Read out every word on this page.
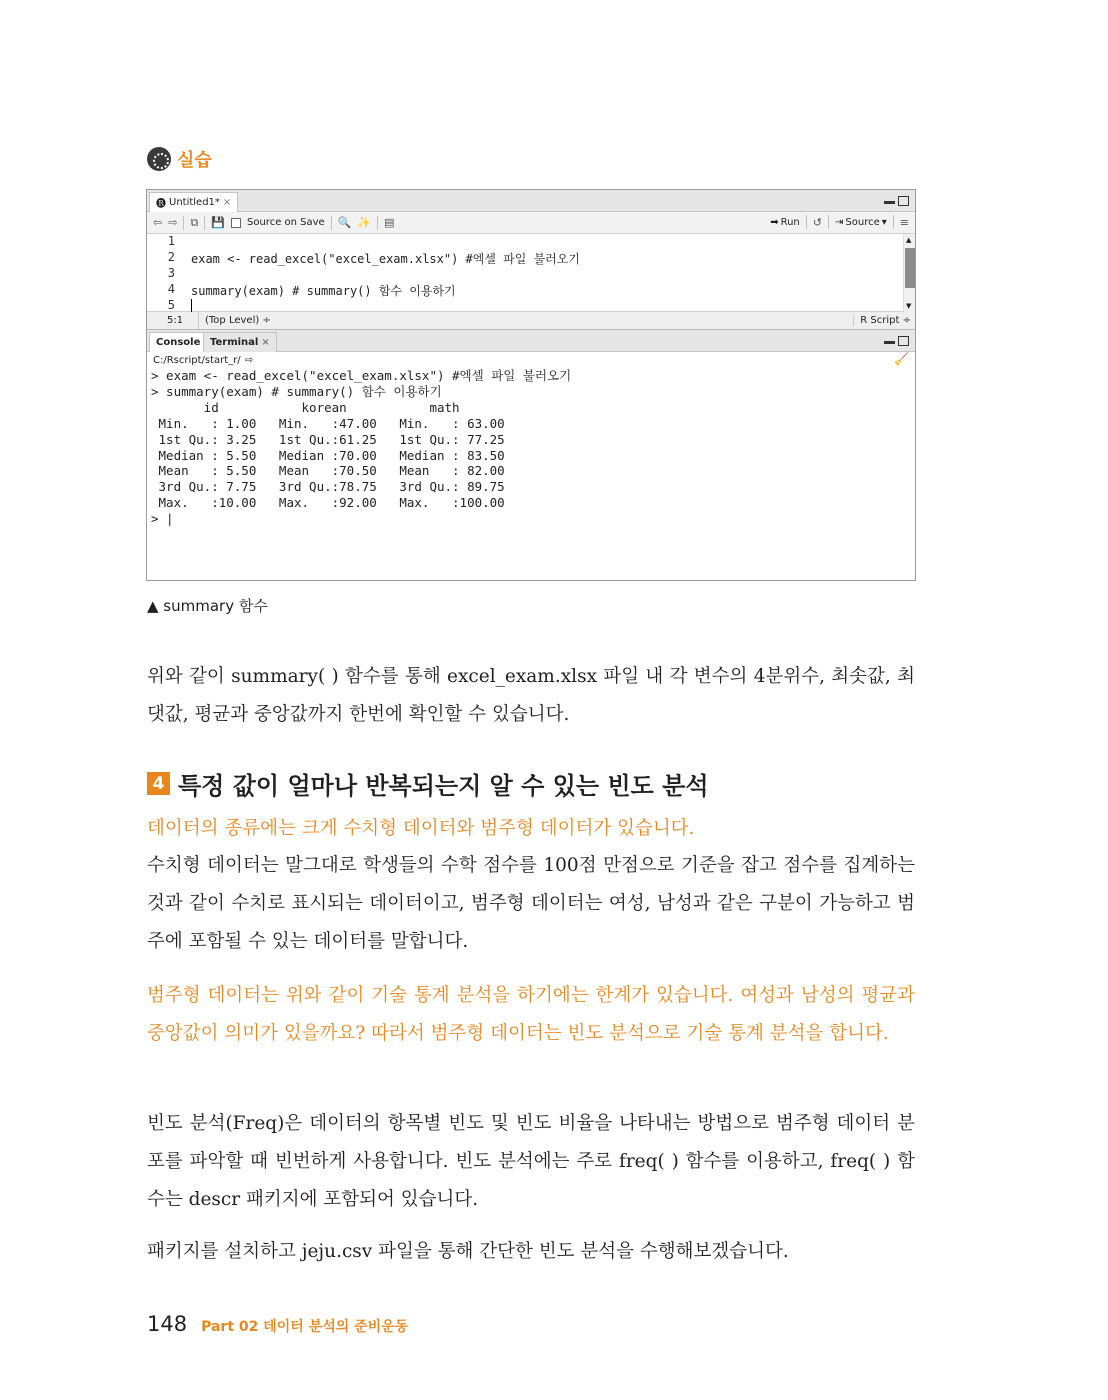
실습
🅡 Untitled1* ×
⇦ ⇨ ⧉ 💾 Source on Save 🔍 ✨ ▤	➡ Run ↺ ⇥ Source ▾ ≡
1
2	exam <- read_excel("excel_exam.xlsx") #엑셀 파일 불러오기
3
4	summary(exam) # summary() 함수 이용하기
5
▲
▼
5:1	(Top Level) ÷	R Script ÷
Console Terminal ×
C:/Rscript/start_r/ ⇨	🧹
> exam <- read_excel("excel_exam.xlsx") #엑셀 파일 불러오기
> summary(exam) # summary() 함수 이용하기
id           korean           math
Min.   : 1.00   Min.   :47.00   Min.   : 63.00
1st Qu.: 3.25   1st Qu.:61.25   1st Qu.: 77.25
Median : 5.50   Median :70.00   Median : 83.50
Mean   : 5.50   Mean   :70.50   Mean   : 82.00
3rd Qu.: 7.75   3rd Qu.:78.75   3rd Qu.: 89.75
Max.   :10.00   Max.   :92.00   Max.   :100.00
> |
▲ summary 함수

위와 같이 summary( ) 함수를 통해 excel_exam.xlsx 파일 내 각 변수의 4분위수, 최솟값, 최댓값, 평균과 중앙값까지 한번에 확인할 수 있습니다.

4 특정 값이 얼마나 반복되는지 알 수 있는 빈도 분석

데이터의 종류에는 크게 수치형 데이터와 범주형 데이터가 있습니다.

수치형 데이터는 말그대로 학생들의 수학 점수를 100점 만점으로 기준을 잡고 점수를 집계하는 것과 같이 수치로 표시되는 데이터이고, 범주형 데이터는 여성, 남성과 같은 구분이 가능하고 범주에 포함될 수 있는 데이터를 말합니다.

범주형 데이터는 위와 같이 기술 통계 분석을 하기에는 한계가 있습니다. 여성과 남성의 평균과 중앙값이 의미가 있을까요? 따라서 범주형 데이터는 빈도 분석으로 기술 통계 분석을 합니다.

빈도 분석(Freq)은 데이터의 항목별 빈도 및 빈도 비율을 나타내는 방법으로 범주형 데이터 분포를 파악할 때 빈번하게 사용합니다. 빈도 분석에는 주로 freq( ) 함수를 이용하고, freq( ) 함수는 descr 패키지에 포함되어 있습니다.

패키지를 설치하고 jeju.csv 파일을 통해 간단한 빈도 분석을 수행해보겠습니다.

148 Part 02 데이터 분석의 준비운동
